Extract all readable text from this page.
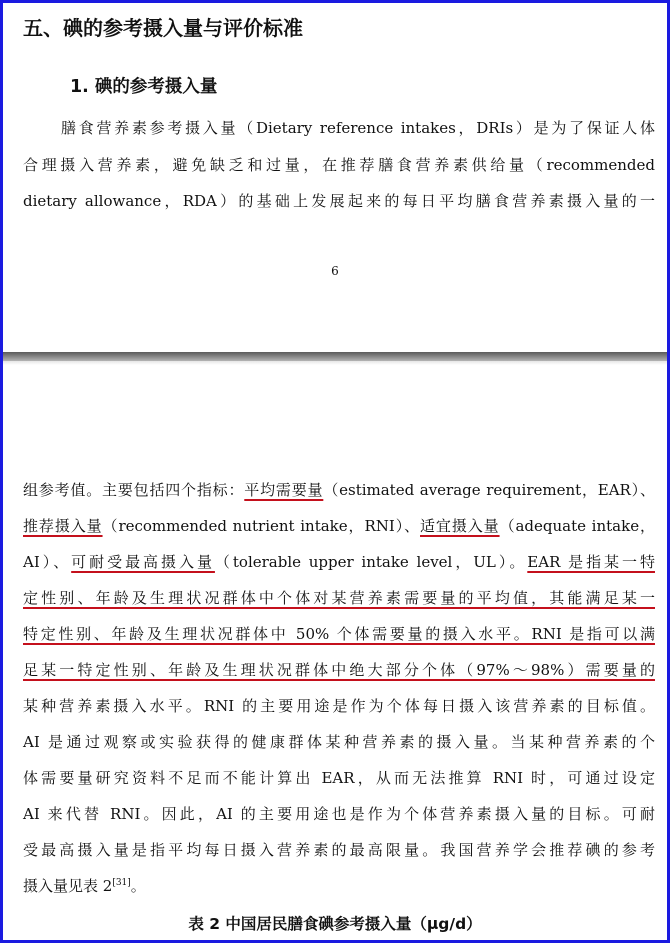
五、碘的参考摄入量与评价标准
1. 碘的参考摄入量
膳食营养素参考摄入量（Dietary reference intakes，DRIs）是为了保证人体
合理摄入营养素，避免缺乏和过量，在推荐膳食营养素供给量（recommended
dietary allowance，RDA）的基础上发展起来的每日平均膳食营养素摄入量的一
6
组参考值。主要包括四个指标：平均需要量（estimated average requirement，EAR）、
推荐摄入量（recommended nutrient intake，RNI）、适宜摄入量（adequate intake，
AI）、可耐受最高摄入量（tolerable upper intake level，UL）。EAR 是指某一特
定性别、年龄及生理状况群体中个体对某营养素需要量的平均值，其能满足某一
特定性别、年龄及生理状况群体中 50% 个体需要量的摄入水平。RNI 是指可以满
足某一特定性别、年龄及生理状况群体中绝大部分个体（97%～98%）需要量的
某种营养素摄入水平。RNI 的主要用途是作为个体每日摄入该营养素的目标值。
AI 是通过观察或实验获得的健康群体某种营养素的摄入量。当某种营养素的个
体需要量研究资料不足而不能计算出 EAR，从而无法推算 RNI 时，可通过设定
AI 来代替 RNI。因此，AI 的主要用途也是作为个体营养素摄入量的目标。可耐
受最高摄入量是指平均每日摄入营养素的最高限量。我国营养学会推荐碘的参考
摄入量见表 2[31]。
表 2 中国居民膳食碘参考摄入量（μg/d）
